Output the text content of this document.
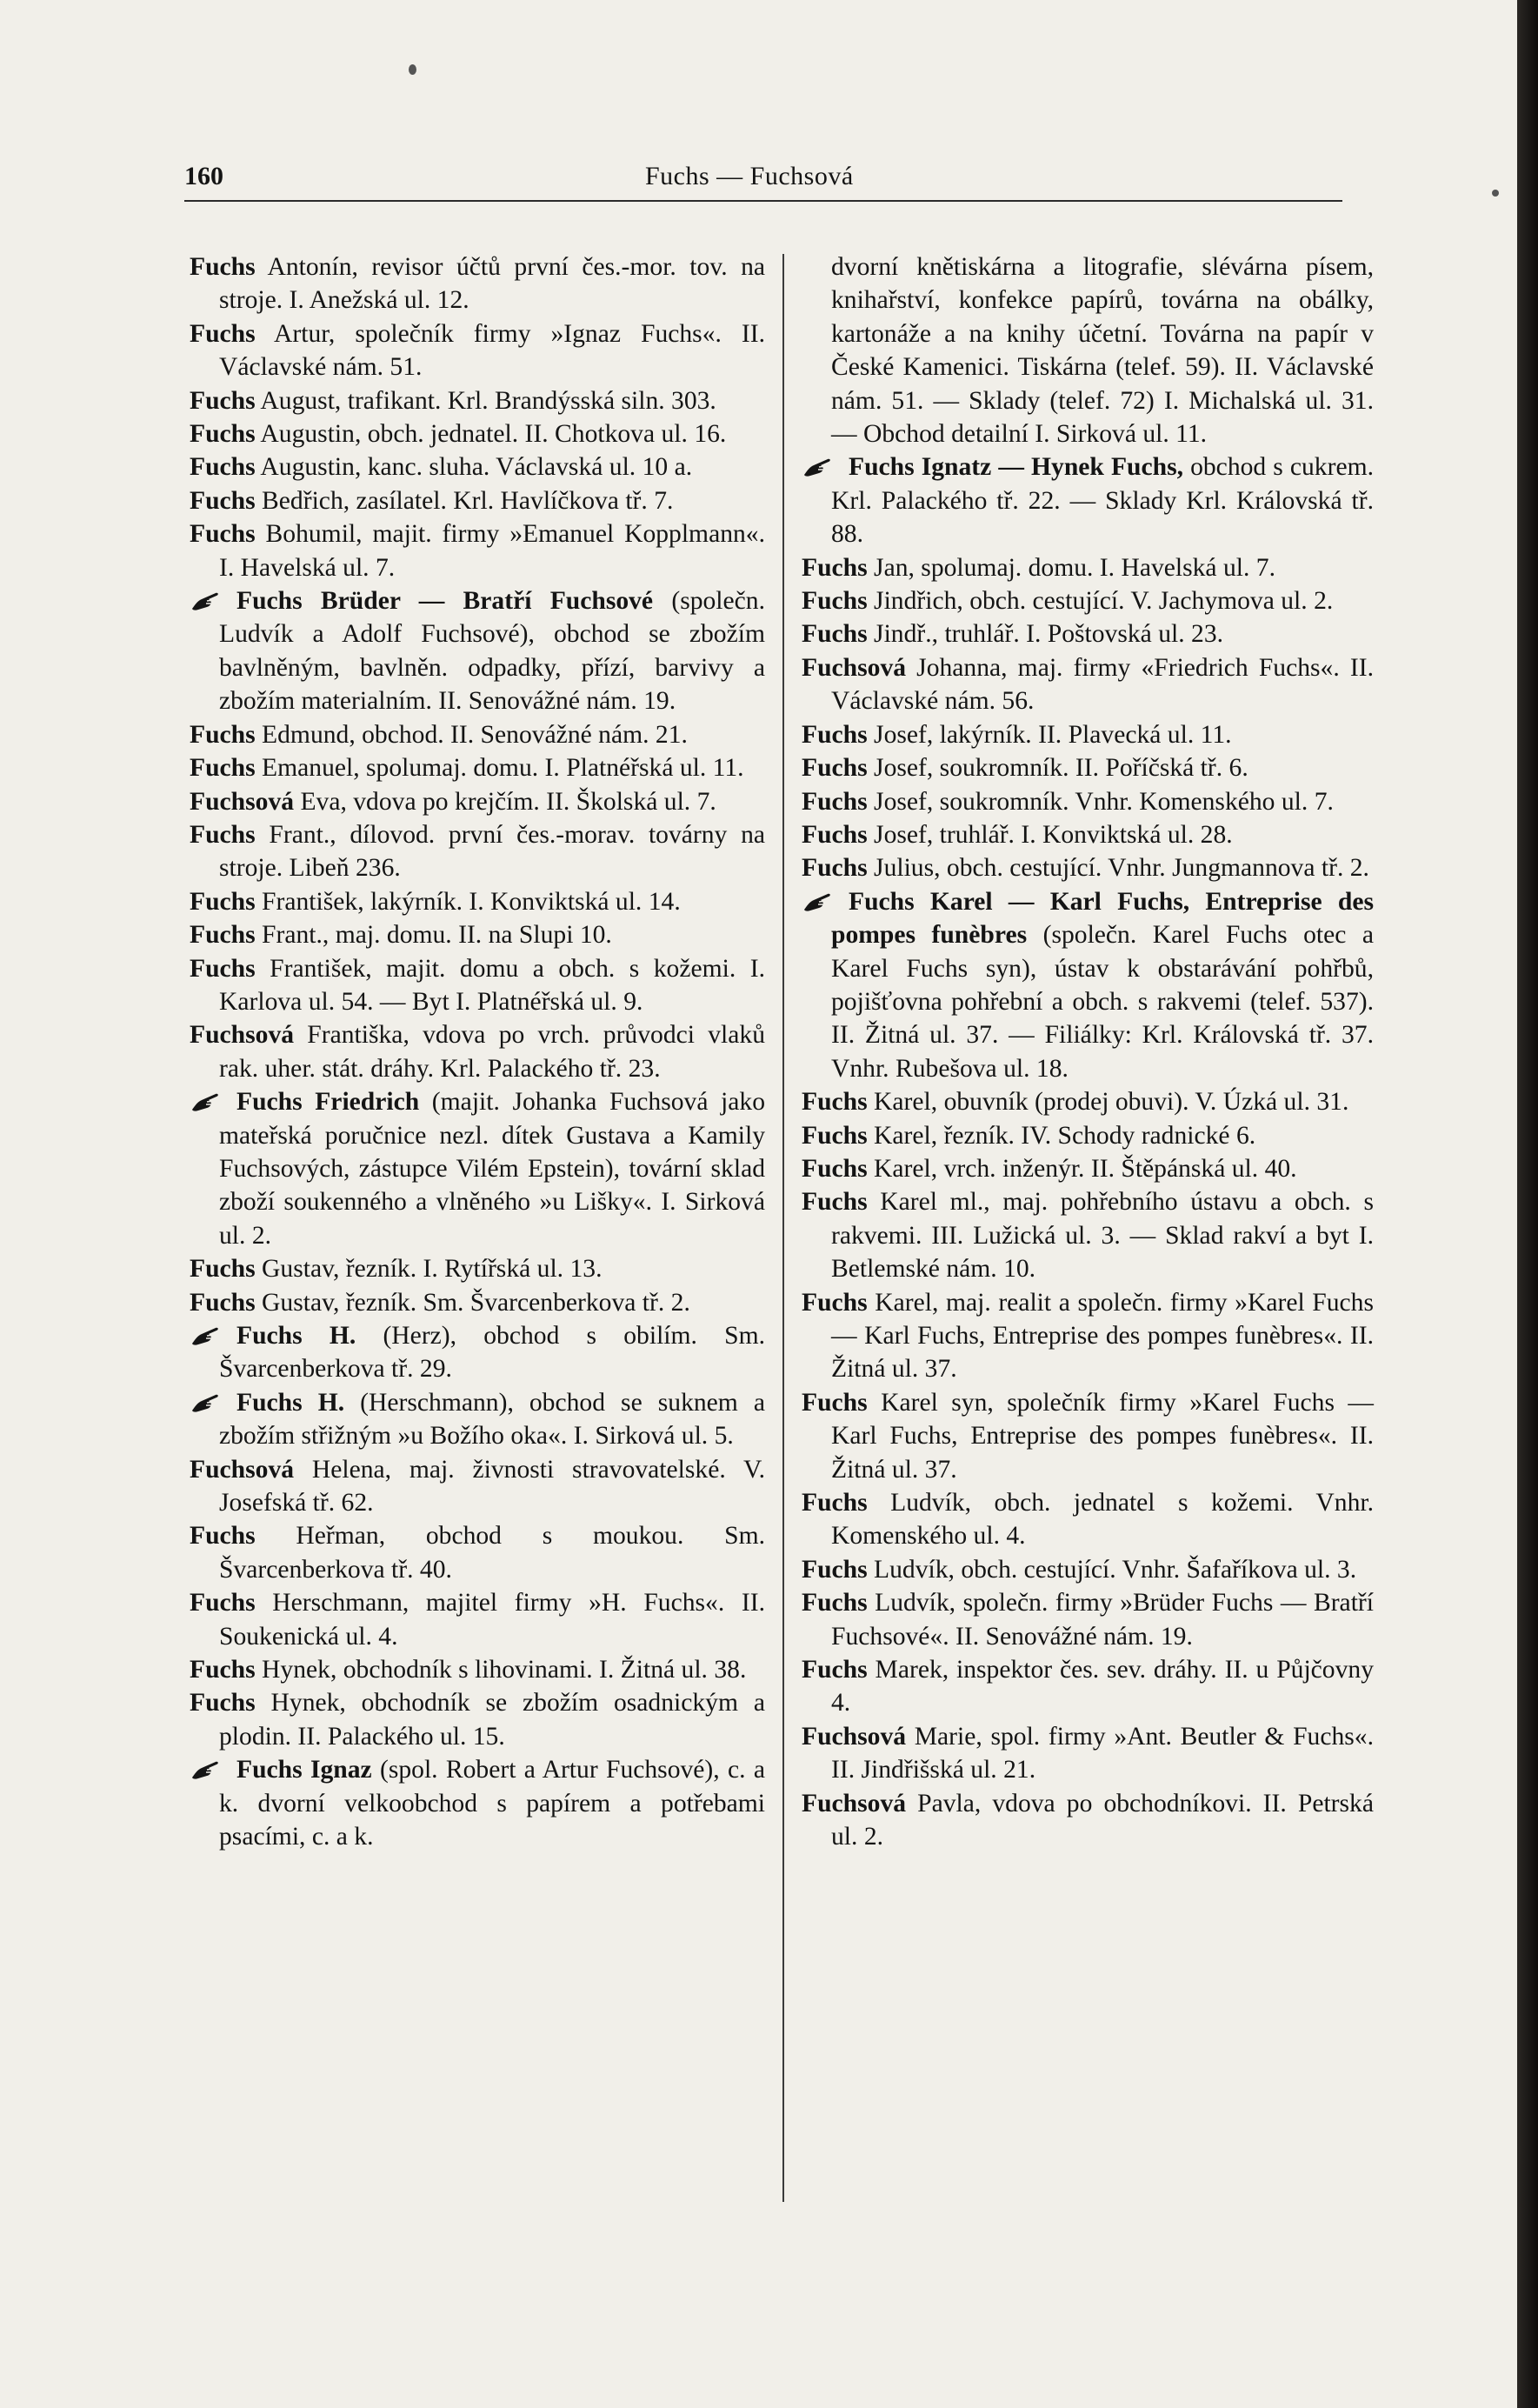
160	Fuchs — Fuchsová

Fuchs Antonín, revisor účtů první čes.-mor. tov. na stroje. I. Anežská ul. 12.

Fuchs Artur, společník firmy »Ignaz Fuchs«. II. Václavské nám. 51.

Fuchs August, trafikant. Krl. Brandýsská siln. 303.

Fuchs Augustin, obch. jednatel. II. Chotkova ul. 16.

Fuchs Augustin, kanc. sluha. Václavská ul. 10 a.

Fuchs Bedřich, zasílatel. Krl. Havlíčkova tř. 7.

Fuchs Bohumil, majit. firmy »Emanuel Kopplmann«. I. Havelská ul. 7.

Fuchs Brüder — Bratří Fuchsové (společn. Ludvík a Adolf Fuchsové), obchod se zbožím bavlněným, bavlněn. odpadky, přízí, barvivy a zbožím materialním. II. Senovážné nám. 19.

Fuchs Edmund, obchod. II. Senovážné nám. 21.

Fuchs Emanuel, spolumaj. domu. I. Platnéřská ul. 11.

Fuchsová Eva, vdova po krejčím. II. Školská ul. 7.

Fuchs Frant., dílovod. první čes.-morav. továrny na stroje. Libeň 236.

Fuchs František, lakýrník. I. Konviktská ul. 14.

Fuchs Frant., maj. domu. II. na Slupi 10.

Fuchs František, majit. domu a obch. s kožemi. I. Karlova ul. 54. — Byt I. Platnéřská ul. 9.

Fuchsová Františka, vdova po vrch. průvodci vlaků rak. uher. stát. dráhy. Krl. Palackého tř. 23.

Fuchs Friedrich (majit. Johanka Fuchsová jako mateřská poručnice nezl. dítek Gustava a Kamily Fuchsových, zástupce Vilém Epstein), tovární sklad zboží soukenného a vlněného »u Lišky«. I. Sirková ul. 2.

Fuchs Gustav, řezník. I. Rytířská ul. 13.

Fuchs Gustav, řezník. Sm. Švarcenberkova tř. 2.

Fuchs H. (Herz), obchod s obilím. Sm. Švarcenberkova tř. 29.

Fuchs H. (Herschmann), obchod se suknem a zbožím střižným »u Božího oka«. I. Sirková ul. 5.

Fuchsová Helena, maj. živnosti stravovatelské. V. Josefská tř. 62.

Fuchs Heřman, obchod s moukou. Sm. Švarcenberkova tř. 40.

Fuchs Herschmann, majitel firmy »H. Fuchs«. II. Soukenická ul. 4.

Fuchs Hynek, obchodník s lihovinami. I. Žitná ul. 38.

Fuchs Hynek, obchodník se zbožím osadnickým a plodin. II. Palackého ul. 15.

Fuchs Ignaz (spol. Robert a Artur Fuchsové), c. a k. dvorní velkoobchod s papírem a potřebami psacími, c. a k.

dvorní knětiskárna a litografie, slévárna písem, knihařství, konfekce papírů, továrna na obálky, kartonáže a na knihy účetní. Továrna na papír v České Kamenici. Tiskárna (telef. 59). II. Václavské nám. 51. — Sklady (telef. 72) I. Michalská ul. 31. — Obchod detailní I. Sirková ul. 11.

Fuchs Ignatz — Hynek Fuchs, obchod s cukrem. Krl. Palackého tř. 22. — Sklady Krl. Královská tř. 88.

Fuchs Jan, spolumaj. domu. I. Havelská ul. 7.

Fuchs Jindřich, obch. cestující. V. Jachymova ul. 2.

Fuchs Jindř., truhlář. I. Poštovská ul. 23.

Fuchsová Johanna, maj. firmy «Friedrich Fuchs«. II. Václavské nám. 56.

Fuchs Josef, lakýrník. II. Plavecká ul. 11.

Fuchs Josef, soukromník. II. Poříčská tř. 6.

Fuchs Josef, soukromník. Vnhr. Komenského ul. 7.

Fuchs Josef, truhlář. I. Konviktská ul. 28.

Fuchs Julius, obch. cestující. Vnhr. Jungmannova tř. 2.

Fuchs Karel — Karl Fuchs, Entreprise des pompes funèbres (společn. Karel Fuchs otec a Karel Fuchs syn), ústav k obstarávání pohřbů, pojišťovna pohřební a obch. s rakvemi (telef. 537). II. Žitná ul. 37. — Filiálky: Krl. Královská tř. 37. Vnhr. Rubešova ul. 18.

Fuchs Karel, obuvník (prodej obuvi). V. Úzká ul. 31.

Fuchs Karel, řezník. IV. Schody radnické 6.

Fuchs Karel, vrch. inženýr. II. Štěpánská ul. 40.

Fuchs Karel ml., maj. pohřebního ústavu a obch. s rakvemi. III. Lužická ul. 3. — Sklad rakví a byt I. Betlemské nám. 10.

Fuchs Karel, maj. realit a společn. firmy »Karel Fuchs — Karl Fuchs, Entreprise des pompes funèbres«. II. Žitná ul. 37.

Fuchs Karel syn, společník firmy »Karel Fuchs — Karl Fuchs, Entreprise des pompes funèbres«. II. Žitná ul. 37.

Fuchs Ludvík, obch. jednatel s kožemi. Vnhr. Komenského ul. 4.

Fuchs Ludvík, obch. cestující. Vnhr. Šafaříkova ul. 3.

Fuchs Ludvík, společn. firmy »Brüder Fuchs — Bratří Fuchsové«. II. Senovážné nám. 19.

Fuchs Marek, inspektor čes. sev. dráhy. II. u Půjčovny 4.

Fuchsová Marie, spol. firmy »Ant. Beutler & Fuchs«. II. Jindřišská ul. 21.

Fuchsová Pavla, vdova po obchodníkovi. II. Petrská ul. 2.
